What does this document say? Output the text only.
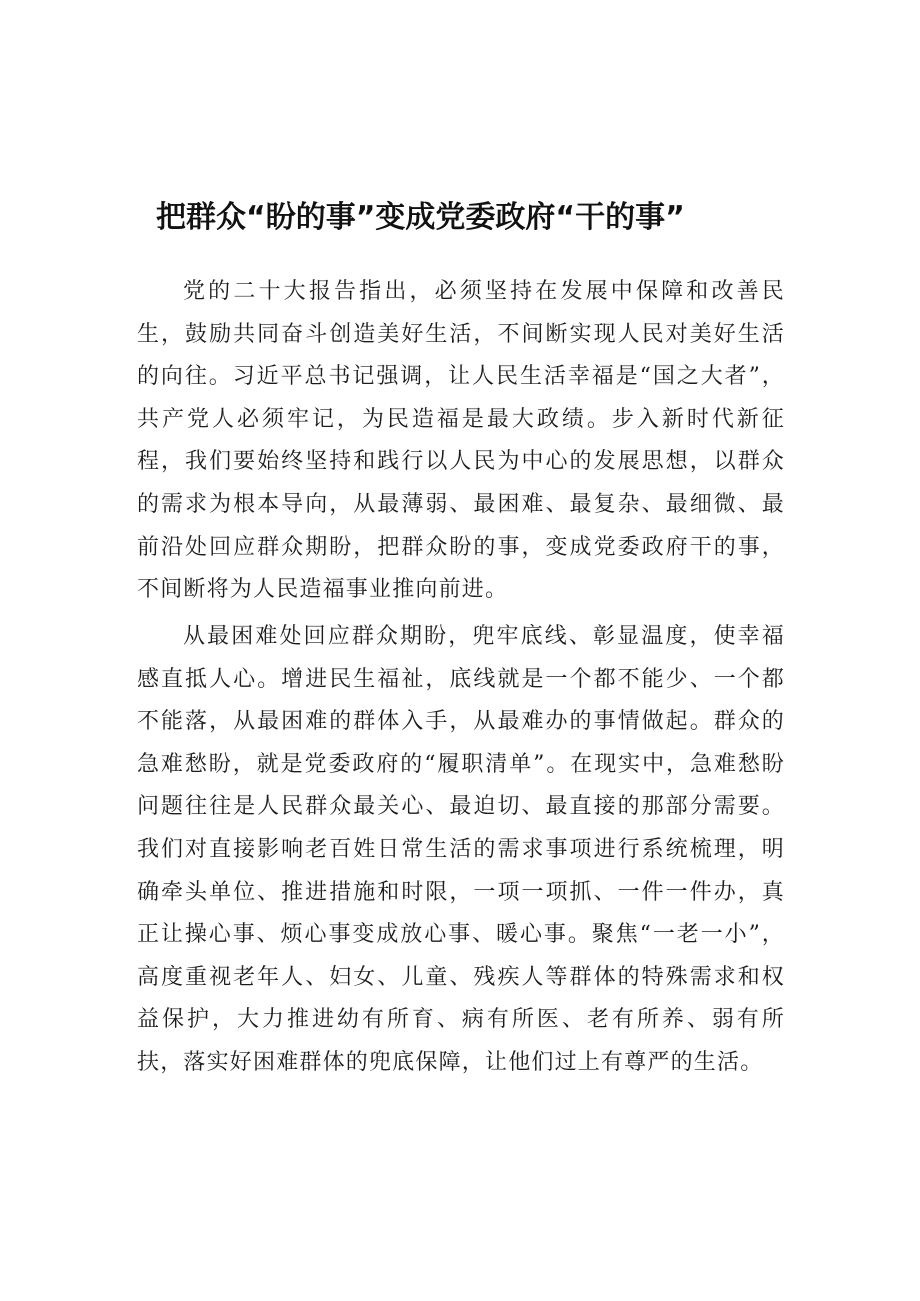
把群众“盼的事”变成党委政府“干的事”

党的二十大报告指出，必须坚持在发展中保障和改善民生，鼓励共同奋斗创造美好生活，不间断实现人民对美好生活的向往。习近平总书记强调，让人民生活幸福是“国之大者”，共产党人必须牢记，为民造福是最大政绩。步入新时代新征程，我们要始终坚持和践行以人民为中心的发展思想，以群众的需求为根本导向，从最薄弱、最困难、最复杂、最细微、最前沿处回应群众期盼，把群众盼的事，变成党委政府干的事，不间断将为人民造福事业推向前进。

从最困难处回应群众期盼，兜牢底线、彰显温度，使幸福感直抵人心。增进民生福祉，底线就是一个都不能少、一个都不能落，从最困难的群体入手，从最难办的事情做起。群众的急难愁盼，就是党委政府的“履职清单”。在现实中，急难愁盼问题往往是人民群众最关心、最迫切、最直接的那部分需要。我们对直接影响老百姓日常生活的需求事项进行系统梳理，明确牵头单位、推进措施和时限，一项一项抓、一件一件办，真正让操心事、烦心事变成放心事、暖心事。聚焦“一老一小”，高度重视老年人、妇女、儿童、残疾人等群体的特殊需求和权益保护，大力推进幼有所育、病有所医、老有所养、弱有所扶，落实好困难群体的兜底保障，让他们过上有尊严的生活。
